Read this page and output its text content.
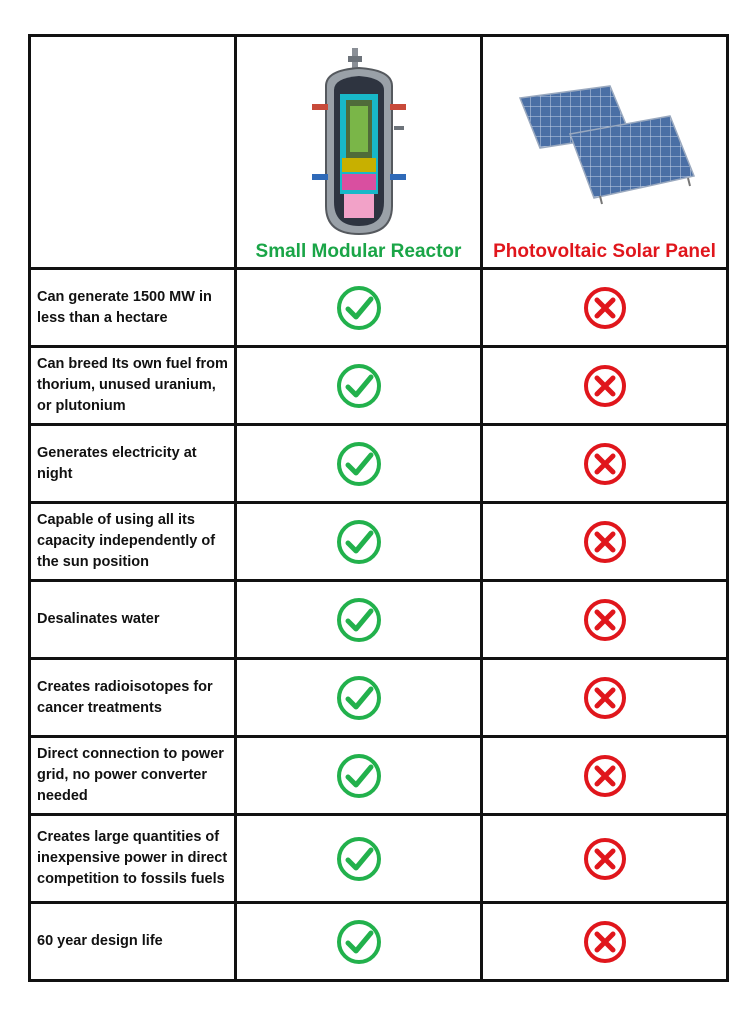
	Small Modular Reactor	Photovoltaic Solar Panel

Can generate 1500 MW in less than a hectare		
Can breed Its own fuel from thorium, unused uranium, or plutonium		
Generates electricity at night		
Capable of using all its capacity independently of the sun position		
Desalinates water		
Creates radioisotopes for cancer treatments		
Direct connection to power grid, no power converter needed		
Creates large quantities of inexpensive power in direct competition to fossils fuels		
60 year design life		
